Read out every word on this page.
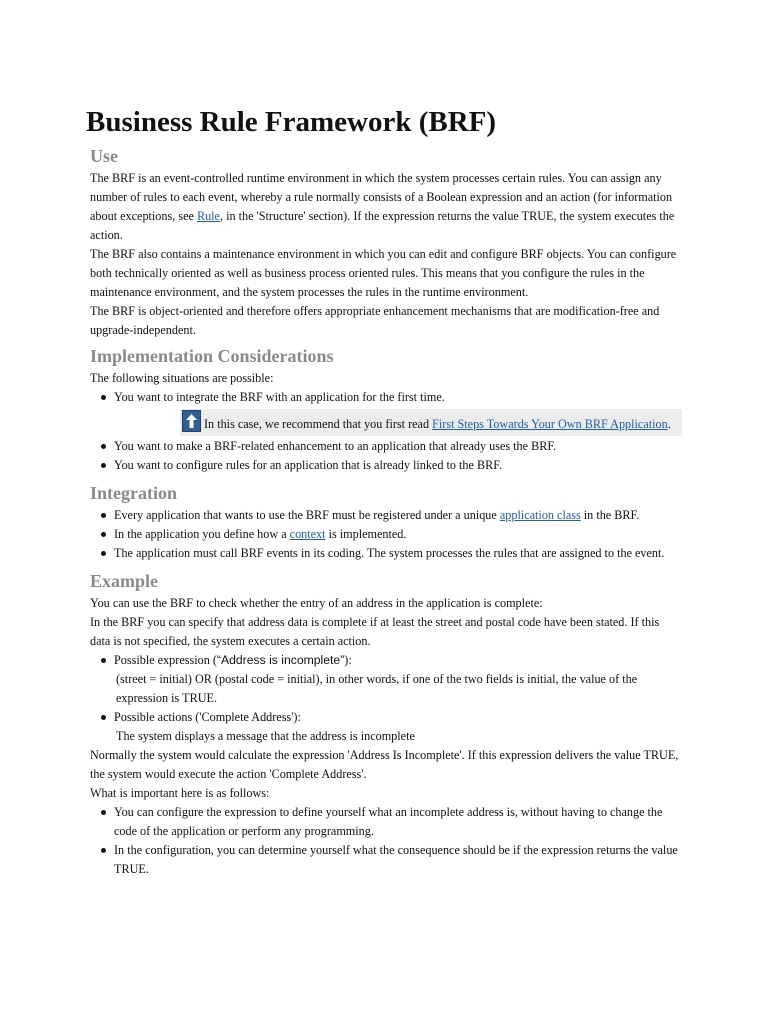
Business Rule Framework (BRF)
Use

The BRF is an event-controlled runtime environment in which the system processes certain rules. You can assign any number of rules to each event, whereby a rule normally consists of a Boolean expression and an action (for information about exceptions, see Rule, in the 'Structure' section). If the expression returns the value TRUE, the system executes the action.

The BRF also contains a maintenance environment in which you can edit and configure BRF objects. You can configure both technically oriented as well as business process oriented rules. This means that you configure the rules in the maintenance environment, and the system processes the rules in the runtime environment.

The BRF is object-oriented and therefore offers appropriate enhancement mechanisms that are modification-free and upgrade-independent.

Implementation Considerations

The following situations are possible:

You want to integrate the BRF with an application for the first time.
In this case, we recommend that you first read First Steps Towards Your Own BRF Application.
You want to make a BRF-related enhancement to an application that already uses the BRF.
You want to configure rules for an application that is already linked to the BRF.
Integration
Every application that wants to use the BRF must be registered under a unique application class in the BRF.
In the application you define how a context is implemented.
The application must call BRF events in its coding. The system processes the rules that are assigned to the event.
Example

You can use the BRF to check whether the entry of an address in the application is complete:

In the BRF you can specify that address data is complete if at least the street and postal code have been stated. If this data is not specified, the system executes a certain action.

Possible expression (“Address is incomplete”):
(street = initial) OR (postal code = initial), in other words, if one of the two fields is initial, the value of the expression is TRUE.
Possible actions ('Complete Address'):
The system displays a message that the address is incomplete

Normally the system would calculate the expression 'Address Is Incomplete'. If this expression delivers the value TRUE, the system would execute the action 'Complete Address'.

What is important here is as follows:

You can configure the expression to define yourself what an incomplete address is, without having to change the code of the application or perform any programming.
In the configuration, you can determine yourself what the consequence should be if the expression returns the value TRUE.
